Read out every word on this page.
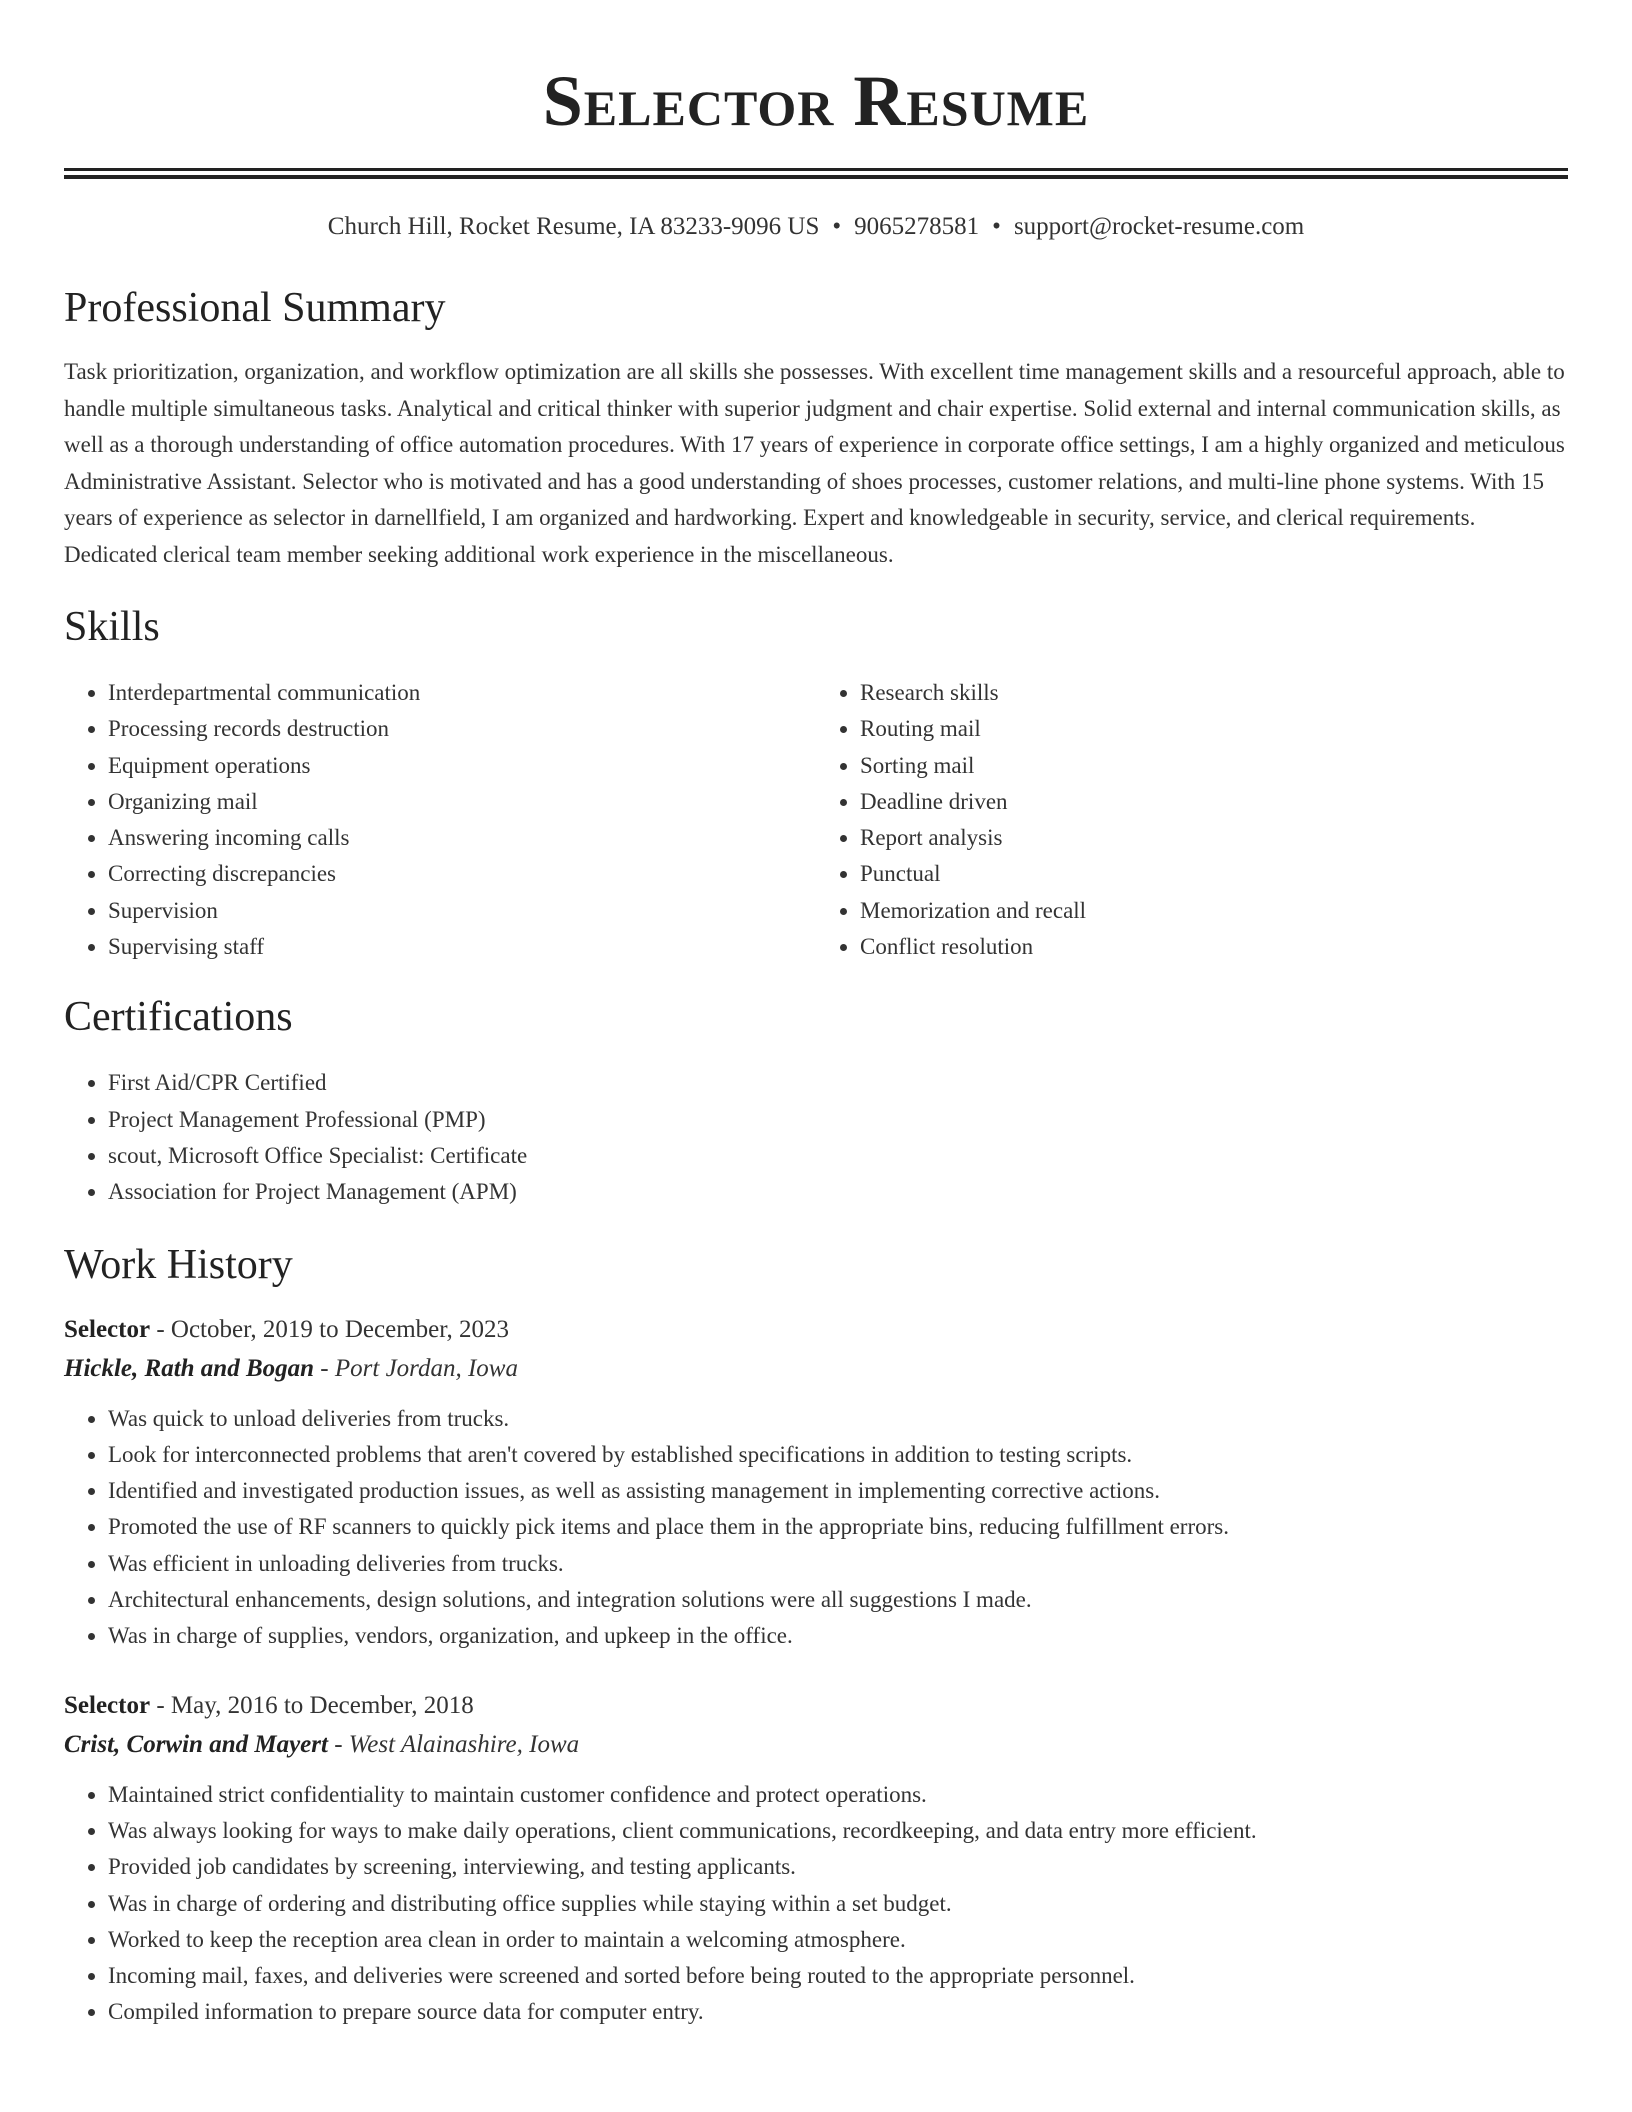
Selector Resume
Church Hill, Rocket Resume, IA 83233-9096 US • 9065278581 • support@rocket-resume.com
Professional Summary

Task prioritization, organization, and workflow optimization are all skills she possesses. With excellent time management skills and a resourceful approach, able to handle multiple simultaneous tasks. Analytical and critical thinker with superior judgment and chair expertise. Solid external and internal communication skills, as well as a thorough understanding of office automation procedures. With 17 years of experience in corporate office settings, I am a highly organized and meticulous Administrative Assistant. Selector who is motivated and has a good understanding of shoes processes, customer relations, and multi-line phone systems. With 15 years of experience as selector in darnellfield, I am organized and hardworking. Expert and knowledgeable in security, service, and clerical requirements. Dedicated clerical team member seeking additional work experience in the miscellaneous.

Skills
• Interdepartmental communication
• Processing records destruction
• Equipment operations
• Organizing mail
• Answering incoming calls
• Correcting discrepancies
• Supervision
• Supervising staff
• Research skills
• Routing mail
• Sorting mail
• Deadline driven
• Report analysis
• Punctual
• Memorization and recall
• Conflict resolution
Certifications
• First Aid/CPR Certified
• Project Management Professional (PMP)
• scout, Microsoft Office Specialist: Certificate
• Association for Project Management (APM)
Work History
Selector - October, 2019 to December, 2023
Hickle, Rath and Bogan - Port Jordan, Iowa
• Was quick to unload deliveries from trucks.
• Look for interconnected problems that aren't covered by established specifications in addition to testing scripts.
• Identified and investigated production issues, as well as assisting management in implementing corrective actions.
• Promoted the use of RF scanners to quickly pick items and place them in the appropriate bins, reducing fulfillment errors.
• Was efficient in unloading deliveries from trucks.
• Architectural enhancements, design solutions, and integration solutions were all suggestions I made.
• Was in charge of supplies, vendors, organization, and upkeep in the office.
Selector - May, 2016 to December, 2018
Crist, Corwin and Mayert - West Alainashire, Iowa
• Maintained strict confidentiality to maintain customer confidence and protect operations.
• Was always looking for ways to make daily operations, client communications, recordkeeping, and data entry more efficient.
• Provided job candidates by screening, interviewing, and testing applicants.
• Was in charge of ordering and distributing office supplies while staying within a set budget.
• Worked to keep the reception area clean in order to maintain a welcoming atmosphere.
• Incoming mail, faxes, and deliveries were screened and sorted before being routed to the appropriate personnel.
• Compiled information to prepare source data for computer entry.
